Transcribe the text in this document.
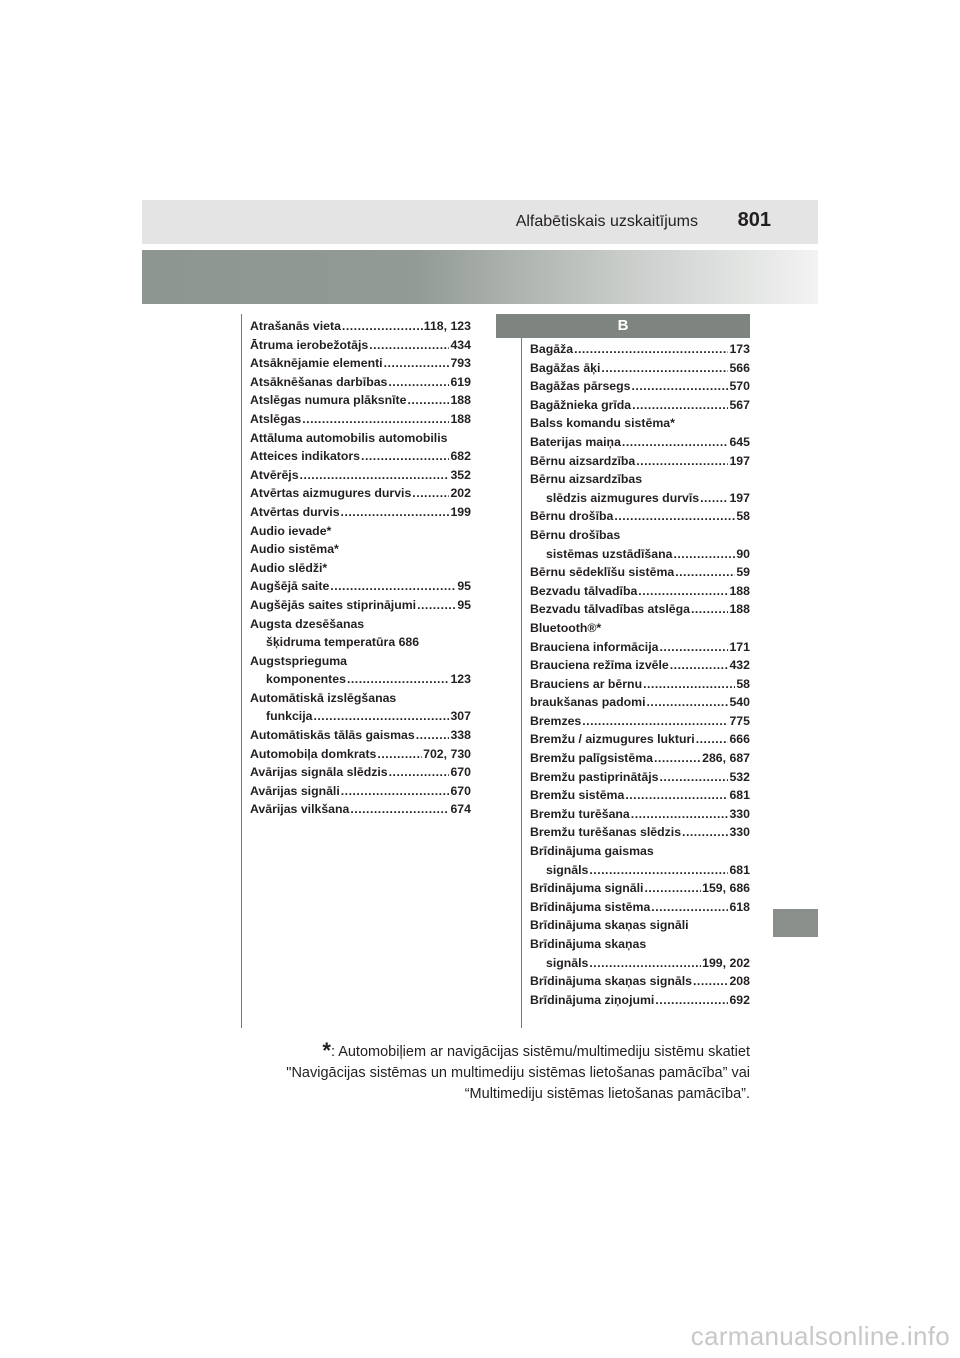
Alfabētiskais uzskaitījums 801
Atrašanās vieta .....	118, 123
Ātruma ierobežotājs .....	434
Atsāknējamie elementi .....	793
Atsāknēšanas darbības .....	619
Atslēgas numura plāksnīte .....	188
Atslēgas .....	188
Attāluma automobilis automobilis
Atteices indikators .....	682
Atvērējs .....	352
Atvērtas aizmugures durvis .....	202
Atvērtas durvis .....	199
Audio ievade*
Audio sistēma*
Audio slēdži*
Augšējā saite .....	95
Augšējās saites stiprinājumi .....	95
Augsta dzesēšanas
šķidruma temperatūra 686
Augstsprieguma
komponentes .....	123
Automātiskā izslēgšanas
funkcija .....	307
Automātiskās tālās gaismas .....	338
Automobiļa domkrats .....	702, 730
Avārijas signāla slēdzis .....	670
Avārijas signāli .....	670
Avārijas vilkšana .....	674
B
Bagāža .....	173
Bagāžas āķi .....	566
Bagāžas pārsegs .....	570
Bagāžnieka grīda .....	567
Balss komandu sistēma*
Baterijas maiņa .....	645
Bērnu aizsardzība .....	197
Bērnu aizsardzības
slēdzis aizmugures durvīs ..... 197
Bērnu drošība .....	58
Bērnu drošības
sistēmas uzstādīšana .....	90
Bērnu sēdeklīšu sistēma .....	59
Bezvadu tālvadība .....	188
Bezvadu tālvadības atslēga .....	188
Bluetooth®*
Brauciena informācija .....	171
Brauciena režīma izvēle .....	432
Brauciens ar bērnu .....	58
braukšanas padomi .....	540
Bremzes .....	775
Bremžu / aizmugures lukturi .....	666
Bremžu palīgsistēma .....	286, 687
Bremžu pastiprinātājs .....	532
Bremžu sistēma .....	681
Bremžu turēšana .....	330
Bremžu turēšanas slēdzis .....	330
Brīdinājuma gaismas
signāls .....	681
Brīdinājuma signāli .....	159, 686
Brīdinājuma sistēma .....	618
Brīdinājuma skaņas signāli
Brīdinājuma skaņas
signāls .....	199, 202
Brīdinājuma skaņas signāls .....	208
Brīdinājuma ziņojumi .....	692
*: Automobiļiem ar navigācijas sistēmu/multimediju sistēmu skatiet "Navigācijas sistēmas un multimediju sistēmas lietošanas pamācība” vai “Multimediju sistēmas lietošanas pamācība”.
carmanualsonline.info
